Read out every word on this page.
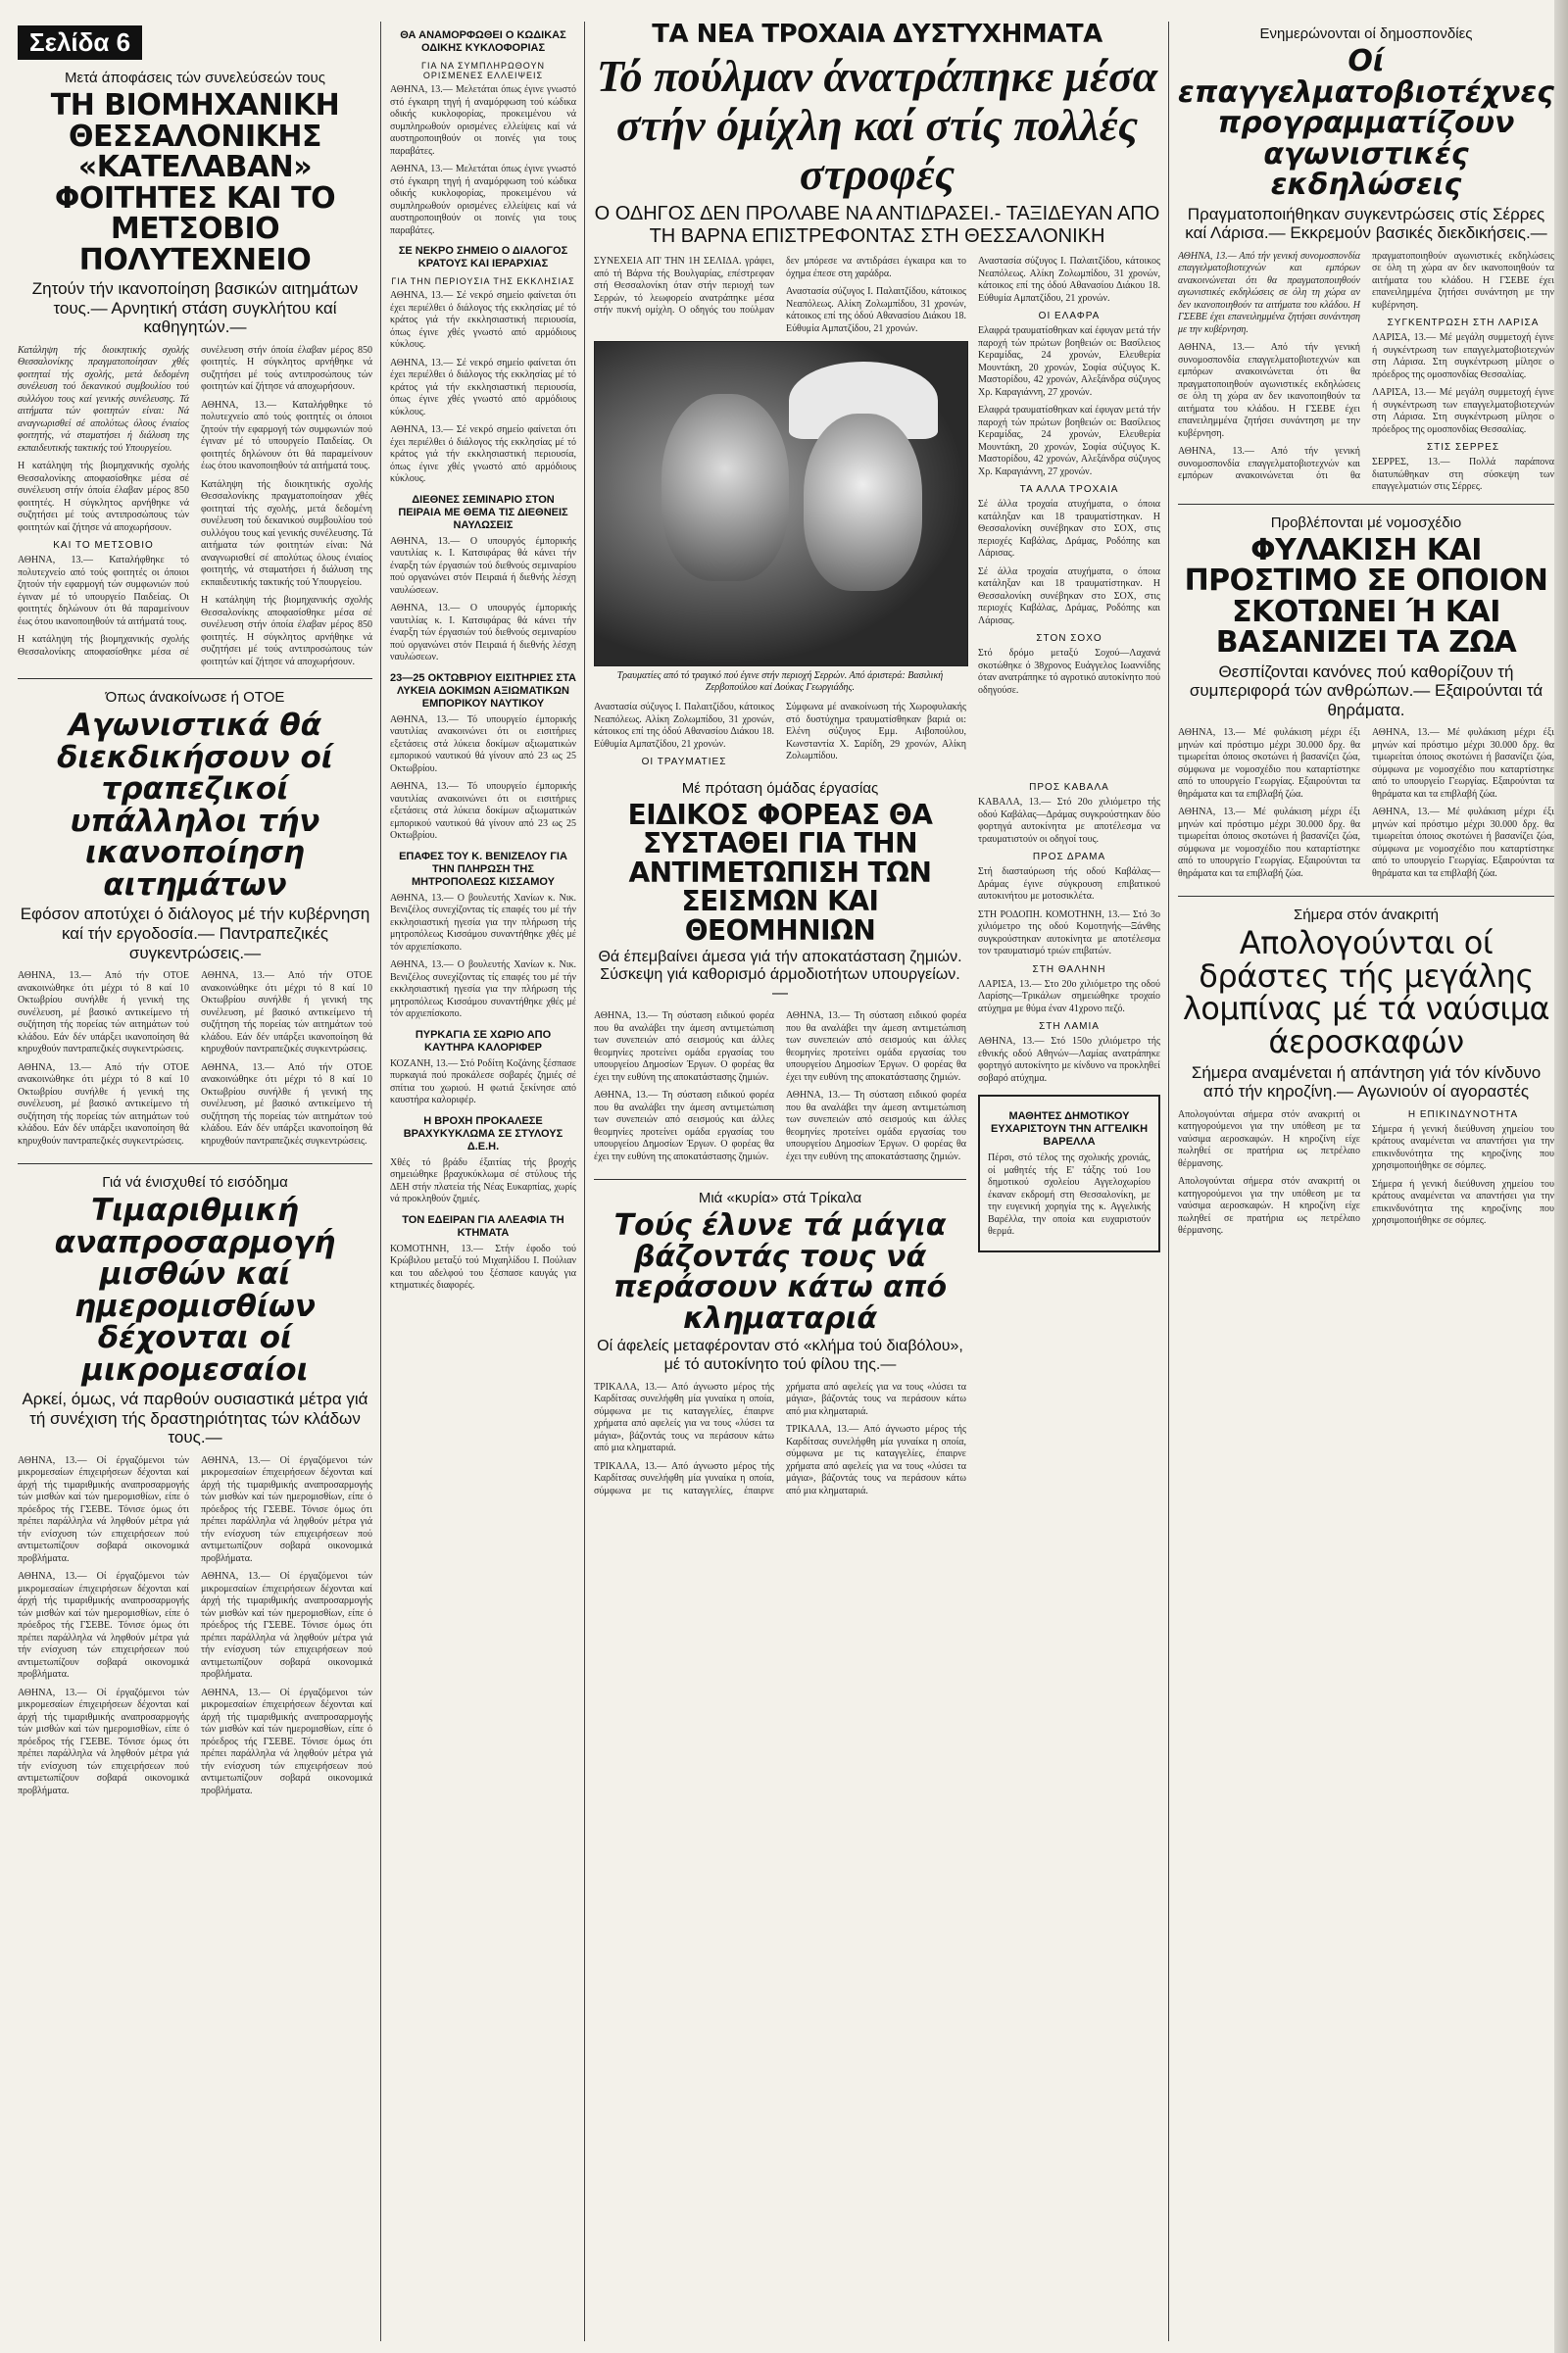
Σελίδα 6
Μετά άποφάσεις τών συνελεύσεών τους
ΤΗ ΒΙΟΜΗΧΑΝΙΚΗ ΘΕΣΣΑΛΟΝΙΚΗΣ «ΚΑΤΕΛΑΒΑΝ» ΦΟΙΤΗΤΕΣ ΚΑΙ ΤΟ ΜΕΤΣΟΒΙΟ ΠΟΛΥΤΕΧΝΕΙΟ
Ζητούν τήν ικανοποίηση βασικών αιτημάτων τους.— Αρνητική στάση συγκλήτου καί καθηγητών.—

Κατάληψη τής διοικητικής σχολής Θεσσαλονίκης πραγματοποίησαν χθές φοιτηταί τής σχολής, μετά δεδομένη συνέλευση τού δεκανικού συμβουλίου τού συλλόγου τους καί γενικής συνέλευσης. Τά αιτήματα τών φοιτητών είναι: Νά αναγνωρισθεί σέ απολύτως όλους ένιαίος φοιτητής, νά σταματήσει ή διάλυση της εκπαιδευτικής τακτικής τού Υπουργείου.

Η κατάληψη τής βιομηχανικής σχολής Θεσσαλονίκης αποφασίσθηκε μέσα σέ συνέλευση στήν όποία έλαβαν μέρος 850 φοιτητές. Η σύγκλητος αρνήθηκε νά συζητήσει μέ τούς αντιπροσώπους τών φοιτητών καί ζήτησε νά αποχωρήσουν.

ΚΑΙ ΤΟ ΜΕΤΣΟΒΙΟ

ΑΘΗΝΑ, 13.— Καταλήφθηκε τό πολυτεχνείο από τούς φοιτητές οι όποιοι ζητούν τήν εφαρμογή τών συμφωνιών πού έγιναν μέ τό υπουργείο Παιδείας. Οι φοιτητές δηλώνουν ότι θά παραμείνουν έως ότου ικανοποιηθούν τά αιτήματά τους.

Η κατάληψη τής βιομηχανικής σχολής Θεσσαλονίκης αποφασίσθηκε μέσα σέ συνέλευση στήν όποία έλαβαν μέρος 850 φοιτητές. Η σύγκλητος αρνήθηκε νά συζητήσει μέ τούς αντιπροσώπους τών φοιτητών καί ζήτησε νά αποχωρήσουν.

ΑΘΗΝΑ, 13.— Καταλήφθηκε τό πολυτεχνείο από τούς φοιτητές οι όποιοι ζητούν τήν εφαρμογή τών συμφωνιών πού έγιναν μέ τό υπουργείο Παιδείας. Οι φοιτητές δηλώνουν ότι θά παραμείνουν έως ότου ικανοποιηθούν τά αιτήματά τους.

Κατάληψη τής διοικητικής σχολής Θεσσαλονίκης πραγματοποίησαν χθές φοιτηταί τής σχολής, μετά δεδομένη συνέλευση τού δεκανικού συμβουλίου τού συλλόγου τους καί γενικής συνέλευσης. Τά αιτήματα τών φοιτητών είναι: Νά αναγνωρισθεί σέ απολύτως όλους ένιαίος φοιτητής, νά σταματήσει ή διάλυση της εκπαιδευτικής τακτικής τού Υπουργείου.

Η κατάληψη τής βιομηχανικής σχολής Θεσσαλονίκης αποφασίσθηκε μέσα σέ συνέλευση στήν όποία έλαβαν μέρος 850 φοιτητές. Η σύγκλητος αρνήθηκε νά συζητήσει μέ τούς αντιπροσώπους τών φοιτητών καί ζήτησε νά αποχωρήσουν.

Όπως άνακοίνωσε ή ΟΤΟΕ
Αγωνιστικά θά διεκδικήσουν οί τραπεζικοί υπάλληλοι τήν ικανοποίηση αιτημάτων
Εφόσον αποτύχει ό διάλογος μέ τήν κυβέρνηση καί τήν εργοδοσία.— Παντραπεζικές συγκεντρώσεις.—

ΑΘΗΝΑ, 13.— Από τήν ΟΤΟΕ ανακοινώθηκε ότι μέχρι τό 8 καί 10 Οκτωβρίου συνήλθε ή γενική της συνέλευση, μέ βασικό αντικείμενο τή συζήτηση τής πορείας τών αιτημάτων τού κλάδου. Εάν δέν υπάρξει ικανοποίηση θά κηρυχθούν παντραπεζικές συγκεντρώσεις.

ΑΘΗΝΑ, 13.— Από τήν ΟΤΟΕ ανακοινώθηκε ότι μέχρι τό 8 καί 10 Οκτωβρίου συνήλθε ή γενική της συνέλευση, μέ βασικό αντικείμενο τή συζήτηση τής πορείας τών αιτημάτων τού κλάδου. Εάν δέν υπάρξει ικανοποίηση θά κηρυχθούν παντραπεζικές συγκεντρώσεις.

ΑΘΗΝΑ, 13.— Από τήν ΟΤΟΕ ανακοινώθηκε ότι μέχρι τό 8 καί 10 Οκτωβρίου συνήλθε ή γενική της συνέλευση, μέ βασικό αντικείμενο τή συζήτηση τής πορείας τών αιτημάτων τού κλάδου. Εάν δέν υπάρξει ικανοποίηση θά κηρυχθούν παντραπεζικές συγκεντρώσεις.

ΑΘΗΝΑ, 13.— Από τήν ΟΤΟΕ ανακοινώθηκε ότι μέχρι τό 8 καί 10 Οκτωβρίου συνήλθε ή γενική της συνέλευση, μέ βασικό αντικείμενο τή συζήτηση τής πορείας τών αιτημάτων τού κλάδου. Εάν δέν υπάρξει ικανοποίηση θά κηρυχθούν παντραπεζικές συγκεντρώσεις.

Γιά νά ένισχυθεί τό εισόδημα
Τιμαριθμική αναπροσαρμογή μισθών καί ημερομισθίων δέχονται οί μικρομεσαίοι
Αρκεί, όμως, νά παρθούν ουσιαστικά μέτρα γιά τή συνέχιση τής δραστηριότητας τών κλάδων τους.—

ΑΘΗΝΑ, 13.— Οί έργαζόμενοι τών μικρομεσαίων έπιχειρήσεων δέχονται καί άρχή τής τιμαριθμικής αναπροσαρμογής τών μισθών καί τών ημερομισθίων, είπε ό πρόεδρος τής ΓΣΕΒΕ. Τόνισε όμως ότι πρέπει παράλληλα νά ληφθούν μέτρα γιά τήν ενίσχυση τών επιχειρήσεων πού αντιμετωπίζουν σοβαρά οικονομικά προβλήματα.

ΑΘΗΝΑ, 13.— Οί έργαζόμενοι τών μικρομεσαίων έπιχειρήσεων δέχονται καί άρχή τής τιμαριθμικής αναπροσαρμογής τών μισθών καί τών ημερομισθίων, είπε ό πρόεδρος τής ΓΣΕΒΕ. Τόνισε όμως ότι πρέπει παράλληλα νά ληφθούν μέτρα γιά τήν ενίσχυση τών επιχειρήσεων πού αντιμετωπίζουν σοβαρά οικονομικά προβλήματα.

ΑΘΗΝΑ, 13.— Οί έργαζόμενοι τών μικρομεσαίων έπιχειρήσεων δέχονται καί άρχή τής τιμαριθμικής αναπροσαρμογής τών μισθών καί τών ημερομισθίων, είπε ό πρόεδρος τής ΓΣΕΒΕ. Τόνισε όμως ότι πρέπει παράλληλα νά ληφθούν μέτρα γιά τήν ενίσχυση τών επιχειρήσεων πού αντιμετωπίζουν σοβαρά οικονομικά προβλήματα.

ΑΘΗΝΑ, 13.— Οί έργαζόμενοι τών μικρομεσαίων έπιχειρήσεων δέχονται καί άρχή τής τιμαριθμικής αναπροσαρμογής τών μισθών καί τών ημερομισθίων, είπε ό πρόεδρος τής ΓΣΕΒΕ. Τόνισε όμως ότι πρέπει παράλληλα νά ληφθούν μέτρα γιά τήν ενίσχυση τών επιχειρήσεων πού αντιμετωπίζουν σοβαρά οικονομικά προβλήματα.

ΑΘΗΝΑ, 13.— Οί έργαζόμενοι τών μικρομεσαίων έπιχειρήσεων δέχονται καί άρχή τής τιμαριθμικής αναπροσαρμογής τών μισθών καί τών ημερομισθίων, είπε ό πρόεδρος τής ΓΣΕΒΕ. Τόνισε όμως ότι πρέπει παράλληλα νά ληφθούν μέτρα γιά τήν ενίσχυση τών επιχειρήσεων πού αντιμετωπίζουν σοβαρά οικονομικά προβλήματα.

ΑΘΗΝΑ, 13.— Οί έργαζόμενοι τών μικρομεσαίων έπιχειρήσεων δέχονται καί άρχή τής τιμαριθμικής αναπροσαρμογής τών μισθών καί τών ημερομισθίων, είπε ό πρόεδρος τής ΓΣΕΒΕ. Τόνισε όμως ότι πρέπει παράλληλα νά ληφθούν μέτρα γιά τήν ενίσχυση τών επιχειρήσεων πού αντιμετωπίζουν σοβαρά οικονομικά προβλήματα.

ΘΑ ΑΝΑΜΟΡΦΩΘΕΙ Ο ΚΩΔΙΚΑΣ ΟΔΙΚΗΣ ΚΥΚΛΟΦΟΡΙΑΣ
ΓΙΑ ΝΑ ΣΥΜΠΛΗΡΩΘΟΥΝ ΟΡΙΣΜΕΝΕΣ ΕΛΛΕΙΨΕΙΣ

ΑΘΗΝΑ, 13.— Μελετάται όπως έγινε γνωστό στό έγκαιρη τηγή ή αναμόρφωση τού κώδικα οδικής κυκλοφορίας, προκειμένου νά συμπληρωθούν ορισμένες ελλείψεις καί νά αυστηροποιηθούν οι ποινές για τους παραβάτες.

ΑΘΗΝΑ, 13.— Μελετάται όπως έγινε γνωστό στό έγκαιρη τηγή ή αναμόρφωση τού κώδικα οδικής κυκλοφορίας, προκειμένου νά συμπληρωθούν ορισμένες ελλείψεις καί νά αυστηροποιηθούν οι ποινές για τους παραβάτες.

ΣΕ ΝΕΚΡΟ ΣΗΜΕΙΟ Ο ΔΙΑΛΟΓΟΣ ΚΡΑΤΟΥΣ ΚΑΙ ΙΕΡΑΡΧΙΑΣ
ΓΙΑ ΤΗΝ ΠΕΡΙΟΥΣΙΑ ΤΗΣ ΕΚΚΛΗΣΙΑΣ

ΑΘΗΝΑ, 13.— Σέ νεκρό σημείο φαίνεται ότι έχει περιέλθει ό διάλογος τής εκκλησίας μέ τό κράτος γιά τήν εκκλησιαστική περιουσία, όπως έγινε χθές γνωστό από αρμόδιους κύκλους.

ΑΘΗΝΑ, 13.— Σέ νεκρό σημείο φαίνεται ότι έχει περιέλθει ό διάλογος τής εκκλησίας μέ τό κράτος γιά τήν εκκλησιαστική περιουσία, όπως έγινε χθές γνωστό από αρμόδιους κύκλους.

ΑΘΗΝΑ, 13.— Σέ νεκρό σημείο φαίνεται ότι έχει περιέλθει ό διάλογος τής εκκλησίας μέ τό κράτος γιά τήν εκκλησιαστική περιουσία, όπως έγινε χθές γνωστό από αρμόδιους κύκλους.

ΔΙΕΘΝΕΣ ΣΕΜΙΝΑΡΙΟ ΣΤΟΝ ΠΕΙΡΑΙΑ ΜΕ ΘΕΜΑ ΤΙΣ ΔΙΕΘΝΕΙΣ ΝΑΥΛΩΣΕΙΣ

ΑΘΗΝΑ, 13.— Ο υπουργός έμπορικής ναυτιλίας κ. Ι. Κατσιφάρας θά κάνει τήν έναρξη τών έργασιών τού διεθνούς σεμιναρίου πού οργανώνει στόν Πειραιά ή διεθνής λέσχη ναυλώσεων.

ΑΘΗΝΑ, 13.— Ο υπουργός έμπορικής ναυτιλίας κ. Ι. Κατσιφάρας θά κάνει τήν έναρξη τών έργασιών τού διεθνούς σεμιναρίου πού οργανώνει στόν Πειραιά ή διεθνής λέσχη ναυλώσεων.

23—25 ΟΚΤΩΒΡΙΟΥ ΕΙΣΙΤΗΡΙΕΣ ΣΤΑ ΛΥΚΕΙΑ ΔΟΚΙΜΩΝ ΑΞΙΩΜΑΤΙΚΩΝ ΕΜΠΟΡΙΚΟΥ ΝΑΥΤΙΚΟΥ

ΑΘΗΝΑ, 13.— Τό υπουργείο έμπορικής ναυτιλίας ανακοινώνει ότι οι εισιτήριες εξετάσεις στά λύκεια δοκίμων αξιωματικών εμπορικού ναυτικού θά γίνουν από 23 ως 25 Οκτωβρίου.

ΑΘΗΝΑ, 13.— Τό υπουργείο έμπορικής ναυτιλίας ανακοινώνει ότι οι εισιτήριες εξετάσεις στά λύκεια δοκίμων αξιωματικών εμπορικού ναυτικού θά γίνουν από 23 ως 25 Οκτωβρίου.

ΕΠΑΦΕΣ ΤΟΥ Κ. ΒΕΝΙΖΕΛΟΥ ΓΙΑ ΤΗΝ ΠΛΗΡΩΣΗ ΤΗΣ ΜΗΤΡΟΠΟΛΕΩΣ ΚΙΣΣΑΜΟΥ

ΑΘΗΝΑ, 13.— Ο βουλευτής Χανίων κ. Νικ. Βενιζέλος συνεχίζοντας τίς επαφές του μέ τήν εκκλησιαστική ηγεσία για την πλήρωση τής μητροπόλεως Κισσάμου συναντήθηκε χθές μέ τόν αρχιεπίσκοπο.

ΑΘΗΝΑ, 13.— Ο βουλευτής Χανίων κ. Νικ. Βενιζέλος συνεχίζοντας τίς επαφές του μέ τήν εκκλησιαστική ηγεσία για την πλήρωση τής μητροπόλεως Κισσάμου συναντήθηκε χθές μέ τόν αρχιεπίσκοπο.

ΠΥΡΚΑΓΙΑ ΣΕ ΧΩΡΙΟ ΑΠΟ ΚΑΥΤΗΡΑ ΚΑΛΟΡΙΦΕΡ

ΚΟΖΑΝΗ, 13.— Στό Ροδίτη Κοζάνης ξέσπασε πυρκαγιά πού προκάλεσε σοβαρές ζημιές σέ σπίτια του χωριού. Η φωτιά ξεκίνησε από καυστήρα καλοριφέρ.

Η ΒΡΟΧΗ ΠΡΟΚΑΛΕΣΕ ΒΡΑΧΥΚΥΚΛΩΜΑ ΣΕ ΣΤΥΛΟΥΣ Δ.Ε.Η.

Χθές τό βράδυ έξαιτίας τής βροχής σημειώθηκε βραχυκύκλωμα σέ στύλους τής ΔΕΗ στήν πλατεία τής Νέας Ευκαρπίας, χωρίς νά προκληθούν ζημιές.

ΤΟΝ ΕΔΕΙΡΑΝ ΓΙΑ ΑΛΕΑΦΙΑ ΤΗ ΚΤΗΜΑΤΑ

ΚΟΜΟΤΗΝΗ, 13.— Στήν έφοδο τού Κρώβιλου μεταξύ τού Μιχαηλίδου Ι. Πούλιαν και του αδελφού του ξέσπασε καυγάς για κτηματικές διαφορές.

ΤΑ ΝΕΑ ΤΡΟΧΑΙΑ ΔΥΣΤΥΧΗΜΑΤΑ
Τό πούλμαν άνατράπηκε μέσα στήν όμίχλη καί στίς πολλές στροφές
Ο ΟΔΗΓΟΣ ΔΕΝ ΠΡΟΛΑΒΕ ΝΑ ΑΝΤΙΔΡΑΣΕΙ.- ΤΑΞΙΔΕΥΑΝ ΑΠΟ ΤΗ ΒΑΡΝΑ ΕΠΙΣΤΡΕΦΟΝΤΑΣ ΣΤΗ ΘΕΣΣΑΛΟΝΙΚΗ

ΣΥΝΕΧΕΙΑ ΑΠ' ΤΗΝ 1Η ΣΕΛΙΔΑ. γράφει, από τή Βάρνα τής Βουλγαρίας, επέστρεφαν στή Θεσσαλονίκη όταν στήν περιοχή των Σερρών, τό λεωφορείο ανατράπηκε μέσα στήν πυκνή ομίχλη. Ο οδηγός του πούλμαν δεν μπόρεσε να αντιδράσει έγκαιρα και το όχημα έπεσε στη χαράδρα.

Αναστασία σύζυγος Ι. Παλαιτζίδου, κάτοικος Νεαπόλεως. Αλίκη Ζολωμπίδου, 31 χρονών, κάτοικος επί της όδού Αθανασίου Διάκου 18. Εύθυμία Αμπατζίδου, 21 χρονών.

Τραυματίες από τό τραγικό πού έγινε στήν περιοχή Σερρών. Από άριστερά: Βασιλική Ζερβοπούλου καί Δούκας Γεωργιάδης.

Αναστασία σύζυγος Ι. Παλαιτζίδου, κάτοικος Νεαπόλεως. Αλίκη Ζολωμπίδου, 31 χρονών, κάτοικος επί της όδού Αθανασίου Διάκου 18. Εύθυμία Αμπατζίδου, 21 χρονών.

ΟΙ ΤΡΑΥΜΑΤΙΕΣ

Σύμφωνα μέ ανακοίνωση τής Χωροφυλακής στό δυστύχημα τραυματίσθηκαν βαριά οι: Ελένη σύζυγος Εμμ. Αιβοπούλου, Κωνσταντία Χ. Σαρίδη, 29 χρονών, Αλίκη Ζολωμπίδου.

Αναστασία σύζυγος Ι. Παλαιτζίδου, κάτοικος Νεαπόλεως. Αλίκη Ζολωμπίδου, 31 χρονών, κάτοικος επί της όδού Αθανασίου Διάκου 18. Εύθυμία Αμπατζίδου, 21 χρονών.

ΟΙ ΕΛΑΦΡΑ

Ελαφρά τραυματίσθηκαν καί έφυγαν μετά τήν παροχή τών πρώτων βοηθειών οι: Βασίλειος Κεραμίδας, 24 χρονών, Ελευθερία Μουντάκη, 20 χρονών, Σοφία σύζυγος Κ. Μαστορίδου, 42 χρονών, Αλεξάνδρα σύζυγος Χρ. Καραγιάννη, 27 χρονών.

Ελαφρά τραυματίσθηκαν καί έφυγαν μετά τήν παροχή τών πρώτων βοηθειών οι: Βασίλειος Κεραμίδας, 24 χρονών, Ελευθερία Μουντάκη, 20 χρονών, Σοφία σύζυγος Κ. Μαστορίδου, 42 χρονών, Αλεξάνδρα σύζυγος Χρ. Καραγιάννη, 27 χρονών.

ΤΑ ΑΛΛΑ ΤΡΟΧΑΙΑ

Σέ άλλα τροχαία ατυχήματα, ο όποια κατάληξαν και 18 τραυματίστηκαν. Η Θεσσαλονίκη συνέβηκαν στο ΣΟΧ, στις περιοχές Καβάλας, Δράμας, Ροδόπης και Λάρισας.

Σέ άλλα τροχαία ατυχήματα, ο όποια κατάληξαν και 18 τραυματίστηκαν. Η Θεσσαλονίκη συνέβηκαν στο ΣΟΧ, στις περιοχές Καβάλας, Δράμας, Ροδόπης και Λάρισας.

ΣΤΟΝ ΣΟΧΟ

Στό δρόμο μεταξύ Σοχού—Λαχανά σκοτώθηκε ό 38χρονος Ευάγγελος Ιωαννίδης όταν ανατράπηκε τό αγροτικό αυτοκίνητο πού οδηγούσε.

Μέ πρόταση όμάδας έργασίας
ΕΙΔΙΚΟΣ ΦΟΡΕΑΣ ΘΑ ΣΥΣΤΑΘΕΙ ΓΙΑ ΤΗΝ ΑΝΤΙΜΕΤΩΠΙΣΗ ΤΩΝ ΣΕΙΣΜΩΝ ΚΑΙ ΘΕΟΜΗΝΙΩΝ
Θά έπεμβαίνει άμεσα γιά τήν αποκατάσταση ζημιών. Σύσκεψη γιά καθορισμό άρμοδιοτήτων υπουργείων.—

ΑΘΗΝΑ, 13.— Τη σύσταση ειδικού φορέα που θα αναλάβει την άμεση αντιμετώπιση των συνεπειών από σεισμούς και άλλες θεομηνίες προτείνει ομάδα εργασίας του υπουργείου Δημοσίων Έργων. Ο φορέας θα έχει την ευθύνη της αποκατάστασης ζημιών.

ΑΘΗΝΑ, 13.— Τη σύσταση ειδικού φορέα που θα αναλάβει την άμεση αντιμετώπιση των συνεπειών από σεισμούς και άλλες θεομηνίες προτείνει ομάδα εργασίας του υπουργείου Δημοσίων Έργων. Ο φορέας θα έχει την ευθύνη της αποκατάστασης ζημιών.

ΑΘΗΝΑ, 13.— Τη σύσταση ειδικού φορέα που θα αναλάβει την άμεση αντιμετώπιση των συνεπειών από σεισμούς και άλλες θεομηνίες προτείνει ομάδα εργασίας του υπουργείου Δημοσίων Έργων. Ο φορέας θα έχει την ευθύνη της αποκατάστασης ζημιών.

ΑΘΗΝΑ, 13.— Τη σύσταση ειδικού φορέα που θα αναλάβει την άμεση αντιμετώπιση των συνεπειών από σεισμούς και άλλες θεομηνίες προτείνει ομάδα εργασίας του υπουργείου Δημοσίων Έργων. Ο φορέας θα έχει την ευθύνη της αποκατάστασης ζημιών.

Μιά «κυρία» στά Τρίκαλα
Τούς έλυνε τά μάγια βάζοντάς τους νά περάσουν κάτω από κληματαριά
Οί άφελείς μεταφέρονταν στό «κλήμα τού διαβόλου», μέ τό αυτοκίνητο τού φίλου της.—

ΤΡΙΚΑΛΑ, 13.— Από άγνωστο μέρος τής Καρδίτσας συνελήφθη μία γυναίκα η οποία, σύμφωνα με τις καταγγελίες, έπαιρνε χρήματα από αφελείς για να τους «λύσει τα μάγια», βάζοντάς τους να περάσουν κάτω από μια κληματαριά.

ΤΡΙΚΑΛΑ, 13.— Από άγνωστο μέρος τής Καρδίτσας συνελήφθη μία γυναίκα η οποία, σύμφωνα με τις καταγγελίες, έπαιρνε χρήματα από αφελείς για να τους «λύσει τα μάγια», βάζοντάς τους να περάσουν κάτω από μια κληματαριά.

ΤΡΙΚΑΛΑ, 13.— Από άγνωστο μέρος τής Καρδίτσας συνελήφθη μία γυναίκα η οποία, σύμφωνα με τις καταγγελίες, έπαιρνε χρήματα από αφελείς για να τους «λύσει τα μάγια», βάζοντάς τους να περάσουν κάτω από μια κληματαριά.

ΠΡΟΣ ΚΑΒΑΛΑ

ΚΑΒΑΛΑ, 13.— Στό 20ο χιλιόμετρο τής οδού Καβάλας—Δράμας συγκρούστηκαν δύο φορτηγά αυτοκίνητα με αποτέλεσμα να τραυματιστούν οι οδηγοί τους.

ΠΡΟΣ ΔΡΑΜΑ

Στή διασταύρωση τής οδού Καβάλας—Δράμας έγινε σύγκρουση επιβατικού αυτοκινήτου με μοτοσικλέτα.

ΣΤΗ ΡΟΔΟΠΗ. ΚΟΜΟΤΗΝΗ, 13.— Στό 3ο χιλιόμετρο της οδού Κομοτηνής—Ξάνθης συγκρούστηκαν αυτοκίνητα με αποτέλεσμα τον τραυματισμό τριών επιβατών.

ΣΤΗ ΘΑΛΗΝΗ

ΛΑΡΙΣΑ, 13.— Στο 20ο χιλιόμετρο της οδού Λαρίσης—Τρικάλων σημειώθηκε τροχαίο ατύχημα με θύμα έναν 41χρονο πεζό.

ΣΤΗ ΛΑΜΙΑ

ΑΘΗΝΑ, 13.— Στό 150ο χιλιόμετρο τής εθνικής οδού Αθηνών—Λαμίας ανατράπηκε φορτηγό αυτοκίνητο με κίνδυνο να προκληθεί σοβαρό ατύχημα.

ΜΑΘΗΤΕΣ ΔΗΜΟΤΙΚΟΥ ΕΥΧΑΡΙΣΤΟΥΝ ΤΗΝ ΑΓΓΕΛΙΚΗ ΒΑΡΕΛΛΑ

Πέρσι, στό τέλος της σχολικής χρονιάς, οί μαθητές τής Ε' τάξης τού 1ου δημοτικού σχολείου Αγγελοχωρίου έκαναν εκδρομή στη Θεσσαλονίκη, με την ευγενική χορηγία της κ. Αγγελικής Βαρέλλα, την οποία και ευχαριστούν θερμά.

Ενημερώνονται οί δημοσπονδίες
Οί επαγγελματοβιοτέχνες προγραμματίζουν αγωνιστικές εκδηλώσεις
Πραγματοποιήθηκαν συγκεντρώσεις στίς Σέρρες καί Λάρισα.— Εκκρεμούν βασικές διεκδικήσεις.—

ΑΘΗΝΑ, 13.— Από τήν γενική συνομοσπονδία επαγγελματοβιοτεχνών και εμπόρων ανακοινώνεται ότι θα πραγματοποιηθούν αγωνιστικές εκδηλώσεις σε όλη τη χώρα αν δεν ικανοποιηθούν τα αιτήματα του κλάδου. Η ΓΣΕΒΕ έχει επανειλημμένα ζητήσει συνάντηση με την κυβέρνηση.

ΑΘΗΝΑ, 13.— Από τήν γενική συνομοσπονδία επαγγελματοβιοτεχνών και εμπόρων ανακοινώνεται ότι θα πραγματοποιηθούν αγωνιστικές εκδηλώσεις σε όλη τη χώρα αν δεν ικανοποιηθούν τα αιτήματα του κλάδου. Η ΓΣΕΒΕ έχει επανειλημμένα ζητήσει συνάντηση με την κυβέρνηση.

ΑΘΗΝΑ, 13.— Από τήν γενική συνομοσπονδία επαγγελματοβιοτεχνών και εμπόρων ανακοινώνεται ότι θα πραγματοποιηθούν αγωνιστικές εκδηλώσεις σε όλη τη χώρα αν δεν ικανοποιηθούν τα αιτήματα του κλάδου. Η ΓΣΕΒΕ έχει επανειλημμένα ζητήσει συνάντηση με την κυβέρνηση.

ΣΥΓΚΕΝΤΡΩΣΗ ΣΤΗ ΛΑΡΙΣΑ

ΛΑΡΙΣΑ, 13.— Μέ μεγάλη συμμετοχή έγινε ή συγκέντρωση των επαγγελματοβιοτεχνών στη Λάρισα. Στη συγκέντρωση μίλησε ο πρόεδρος της ομοσπονδίας Θεσσαλίας.

ΛΑΡΙΣΑ, 13.— Μέ μεγάλη συμμετοχή έγινε ή συγκέντρωση των επαγγελματοβιοτεχνών στη Λάρισα. Στη συγκέντρωση μίλησε ο πρόεδρος της ομοσπονδίας Θεσσαλίας.

ΣΤΙΣ ΣΕΡΡΕΣ

ΣΕΡΡΕΣ, 13.— Πολλά παράπονα διατυπώθηκαν στη σύσκεψη των επαγγελματιών στις Σέρρες.

Προβλέπονται μέ νομοσχέδιο
ΦΥΛΑΚΙΣΗ ΚΑΙ ΠΡΟΣΤΙΜΟ ΣΕ ΟΠΟΙΟΝ ΣΚΟΤΩΝΕΙ Ή ΚΑΙ ΒΑΣΑΝΙΖΕΙ ΤΑ ΖΩΑ
Θεσπίζονται κανόνες πού καθορίζουν τή συμπεριφορά τών ανθρώπων.— Εξαιρούνται τά θηράματα.

ΑΘΗΝΑ, 13.— Μέ φυλάκιση μέχρι έξι μηνών καί πρόστιμο μέχρι 30.000 δρχ. θα τιμωρείται όποιος σκοτώνει ή βασανίζει ζώα, σύμφωνα με νομοσχέδιο που καταρτίστηκε από το υπουργείο Γεωργίας. Εξαιρούνται τα θηράματα και τα επιβλαβή ζώα.

ΑΘΗΝΑ, 13.— Μέ φυλάκιση μέχρι έξι μηνών καί πρόστιμο μέχρι 30.000 δρχ. θα τιμωρείται όποιος σκοτώνει ή βασανίζει ζώα, σύμφωνα με νομοσχέδιο που καταρτίστηκε από το υπουργείο Γεωργίας. Εξαιρούνται τα θηράματα και τα επιβλαβή ζώα.

ΑΘΗΝΑ, 13.— Μέ φυλάκιση μέχρι έξι μηνών καί πρόστιμο μέχρι 30.000 δρχ. θα τιμωρείται όποιος σκοτώνει ή βασανίζει ζώα, σύμφωνα με νομοσχέδιο που καταρτίστηκε από το υπουργείο Γεωργίας. Εξαιρούνται τα θηράματα και τα επιβλαβή ζώα.

ΑΘΗΝΑ, 13.— Μέ φυλάκιση μέχρι έξι μηνών καί πρόστιμο μέχρι 30.000 δρχ. θα τιμωρείται όποιος σκοτώνει ή βασανίζει ζώα, σύμφωνα με νομοσχέδιο που καταρτίστηκε από το υπουργείο Γεωργίας. Εξαιρούνται τα θηράματα και τα επιβλαβή ζώα.

Σήμερα στόν άνακριτή
Απολογούνται οί δράστες τής μεγάλης λομπίνας μέ τά ναύσιμα άεροσκαφών
Σήμερα αναμένεται ή απάντηση γιά τόν κίνδυνο από τήν κηροζίνη.— Αγωνιούν οί αγοραστές

Απολογούνται σήμερα στόν ανακριτή οι κατηγορούμενοι για την υπόθεση με τα ναύσιμα αεροσκαφών. Η κηροζίνη είχε πωληθεί σε πρατήρια ως πετρέλαιο θέρμανσης.

Απολογούνται σήμερα στόν ανακριτή οι κατηγορούμενοι για την υπόθεση με τα ναύσιμα αεροσκαφών. Η κηροζίνη είχε πωληθεί σε πρατήρια ως πετρέλαιο θέρμανσης.

Η ΕΠΙΚΙΝΔΥΝΟΤΗΤΑ

Σήμερα ή γενική διεύθυνση χημείου του κράτους αναμένεται να απαντήσει για την επικινδυνότητα της κηροζίνης που χρησιμοποιήθηκε σε σόμπες.

Σήμερα ή γενική διεύθυνση χημείου του κράτους αναμένεται να απαντήσει για την επικινδυνότητα της κηροζίνης που χρησιμοποιήθηκε σε σόμπες.
